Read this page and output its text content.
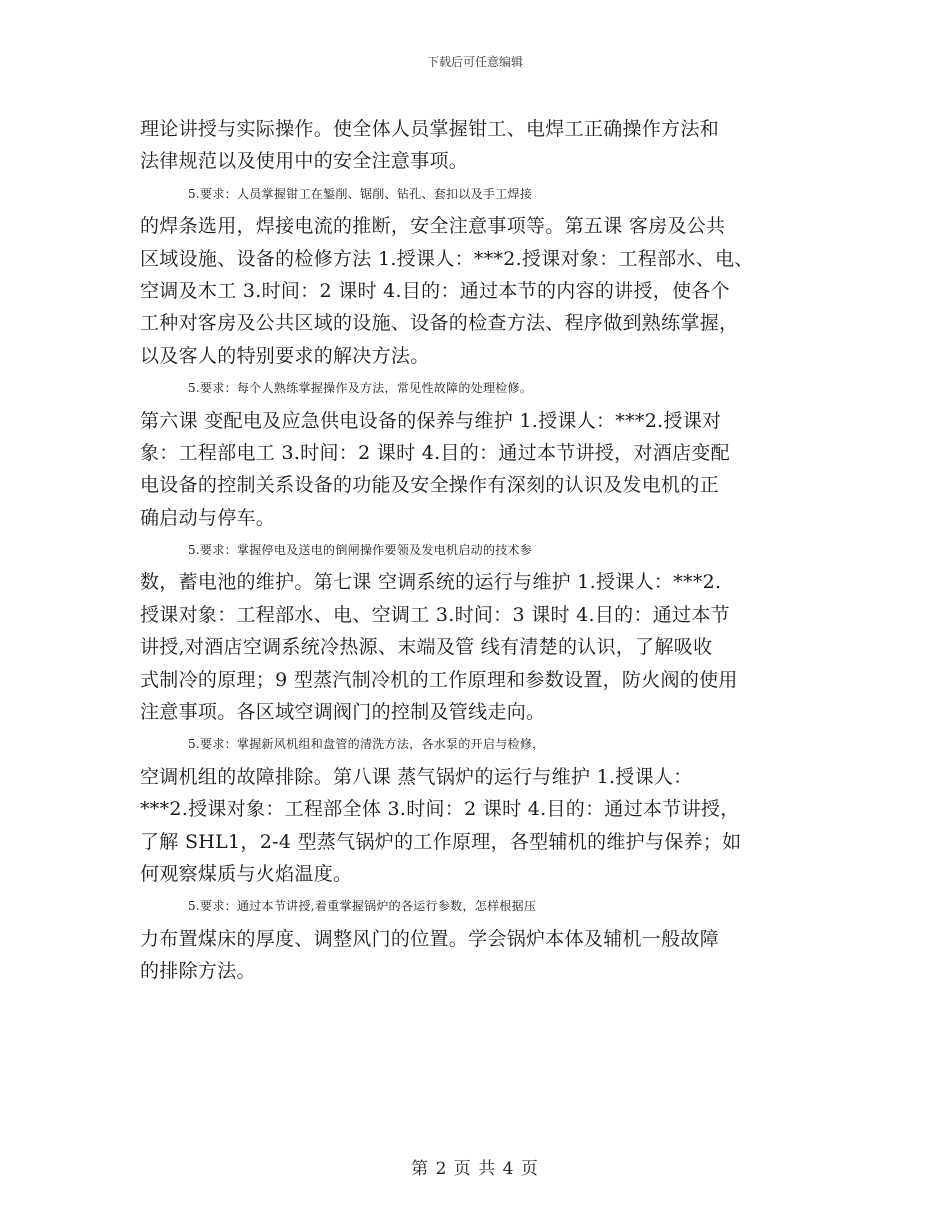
下载后可任意编辑
理论讲授与实际操作。使全体人员掌握钳工、电焊工正确操作方法和
法律规范以及使用中的安全注意事项。
5.要求：人员掌握钳工在錾削、锯削、钻孔、套扣以及手工焊接
的焊条选用，焊接电流的推断，安全注意事项等。第五课 客房及公共
区域设施、设备的检修方法 1.授课人：***2.授课对象：工程部水、电、
空调及木工 3.时间：2 课时 4.目的：通过本节的内容的讲授，使各个
工种对客房及公共区域的设施、设备的检查方法、程序做到熟练掌握，
以及客人的特别要求的解决方法。
5.要求：每个人熟练掌握操作及方法，常见性故障的处理检修。
第六课 变配电及应急供电设备的保养与维护 1.授课人：***2.授课对
象：工程部电工 3.时间：2 课时 4.目的：通过本节讲授，对酒店变配
电设备的控制关系设备的功能及安全操作有深刻的认识及发电机的正
确启动与停车。
5.要求：掌握停电及送电的倒闸操作要领及发电机启动的技术参
数，蓄电池的维护。第七课 空调系统的运行与维护 1.授课人：***2.
授课对象：工程部水、电、空调工 3.时间：3 课时 4.目的：通过本节
讲授,对酒店空调系统冷热源、末端及管 线有清楚的认识，了解吸收
式制冷的原理；9 型蒸汽制冷机的工作原理和参数设置，防火阀的使用
注意事项。各区域空调阀门的控制及管线走向。
5.要求：掌握新风机组和盘管的清洗方法，各水泵的开启与检修，
空调机组的故障排除。第八课 蒸气锅炉的运行与维护 1.授课人：
***2.授课对象：工程部全体 3.时间：2 课时 4.目的：通过本节讲授，
了解 SHL1，2-4 型蒸气锅炉的工作原理，各型辅机的维护与保养；如
何观察煤质与火焰温度。
5.要求：通过本节讲授,着重掌握锅炉的各运行参数，怎样根据压
力布置煤床的厚度、调整风门的位置。学会锅炉本体及辅机一般故障
的排除方法。
第 2 页 共 4 页
